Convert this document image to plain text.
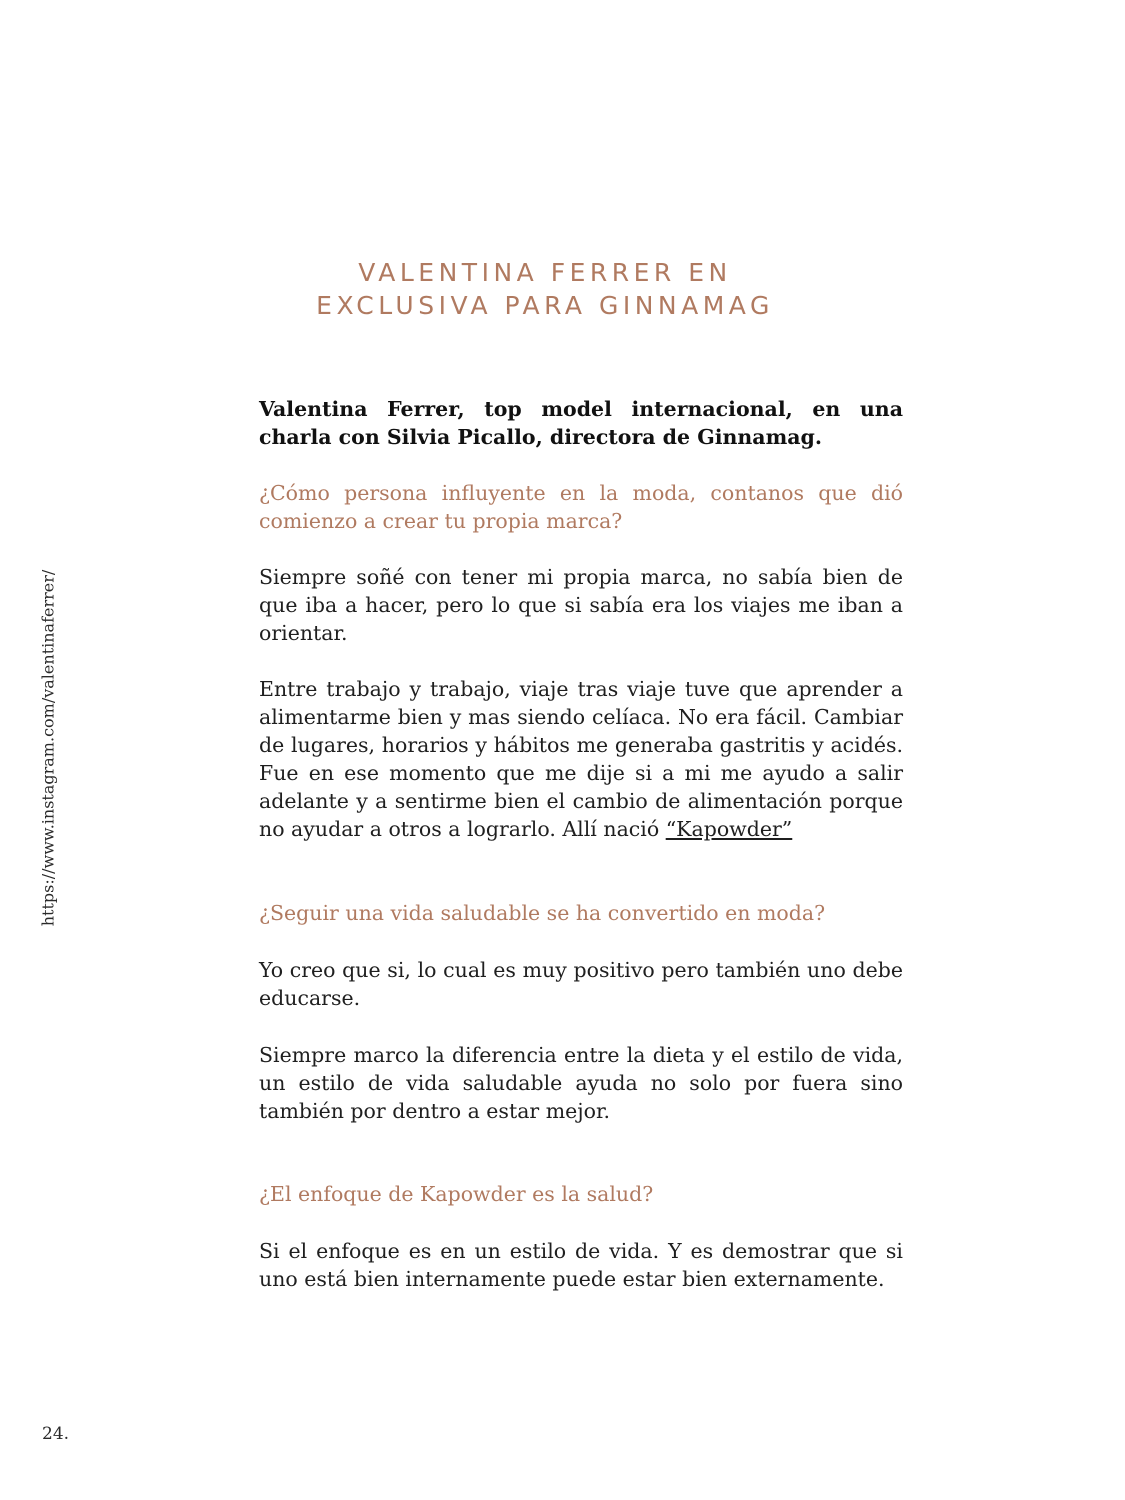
VALENTINA FERRER EN
EXCLUSIVA PARA GINNAMAG
Valentina Ferrer, top model internacional, en una charla con Silvia Picallo, directora de Ginnamag.
¿Cómo persona influyente en la moda, contanos que dió comienzo a crear tu propia marca?
Siempre soñé con tener mi propia marca, no sabía bien de que iba a hacer, pero lo que si sabía era los viajes me iban a orientar.
Entre trabajo y trabajo, viaje tras viaje tuve que aprender a alimentarme bien y mas siendo celíaca. No era fácil. Cambiar de lugares, horarios y hábitos me generaba gastritis y acidés. Fue en ese momento que me dije si a mi me ayudo a salir adelante y a sentirme bien el cambio de alimentación porque no ayudar a otros a lograrlo. Allí nació “Kapowder”
¿Seguir una vida saludable se ha convertido en moda?
Yo creo que si, lo cual es muy positivo pero también uno debe educarse.
Siempre marco la diferencia entre la dieta y el estilo de vida, un estilo de vida saludable ayuda no solo por fuera sino también por dentro a estar mejor.
¿El enfoque de Kapowder es la salud?
Si el enfoque es en un estilo de vida. Y es demostrar que si uno está bien internamente puede estar bien externamente.
https://www.instagram.com/valentinaferrer/
24.
